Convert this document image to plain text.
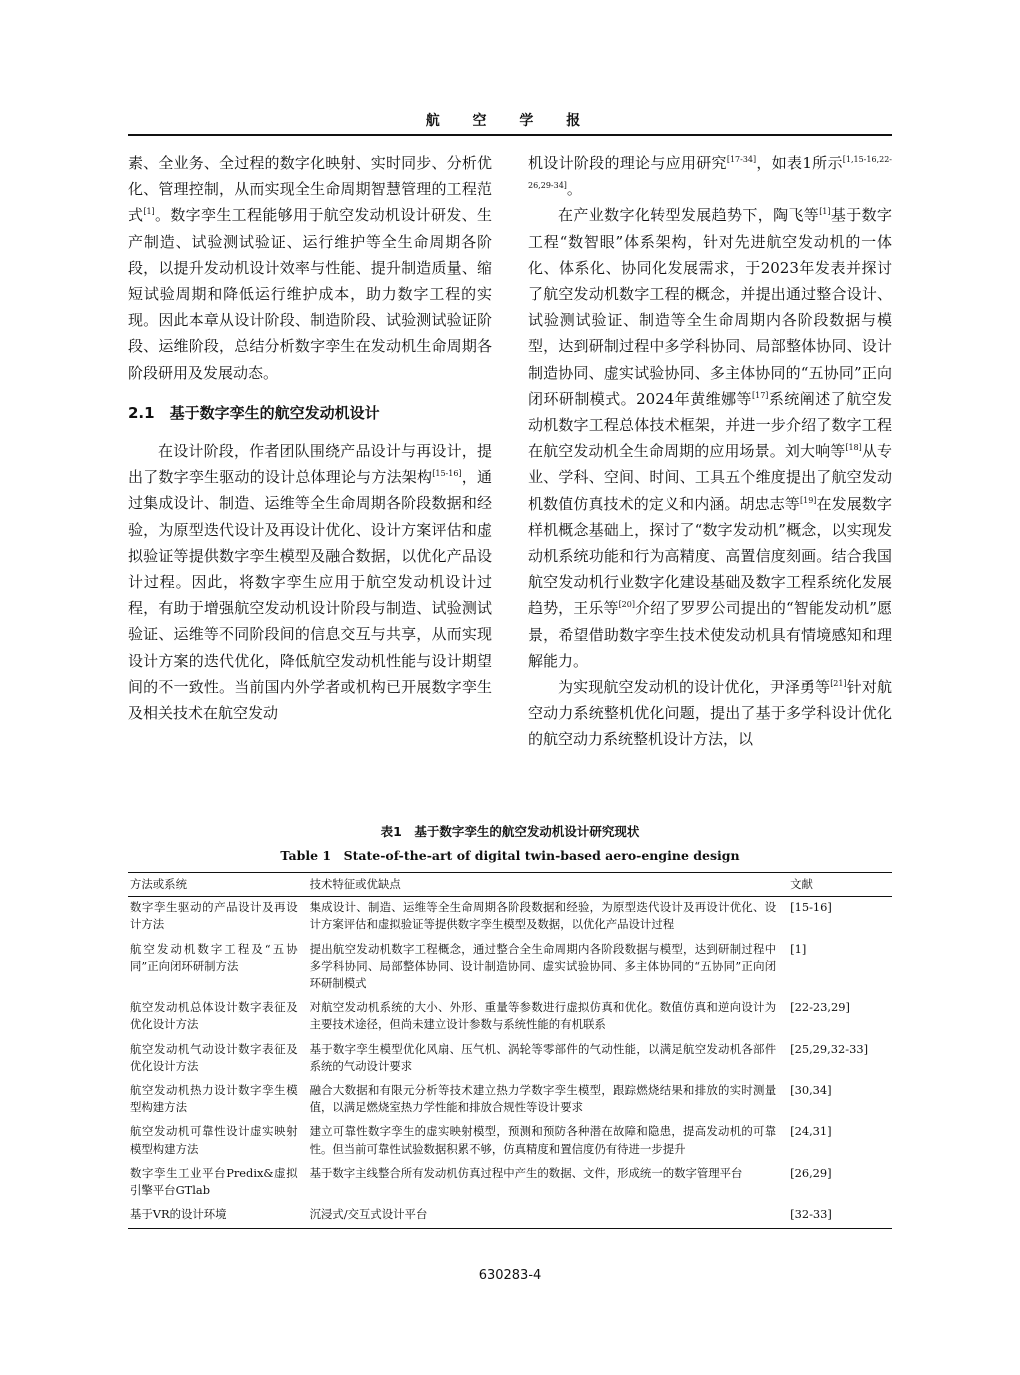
航 空 学 报

素、全业务、全过程的数字化映射、实时同步、分析优化、管理控制，从而实现全生命周期智慧管理的工程范式[1]。数字孪生工程能够用于航空发动机设计研发、生产制造、试验测试验证、运行维护等全生命周期各阶段，以提升发动机设计效率与性能、提升制造质量、缩短试验周期和降低运行维护成本，助力数字工程的实现。因此本章从设计阶段、制造阶段、试验测试验证阶段、运维阶段，总结分析数字孪生在发动机生命周期各阶段研用及发展动态。

2.1　基于数字孪生的航空发动机设计

在设计阶段，作者团队围绕产品设计与再设计，提出了数字孪生驱动的设计总体理论与方法架构[15-16]，通过集成设计、制造、运维等全生命周期各阶段数据和经验，为原型迭代设计及再设计优化、设计方案评估和虚拟验证等提供数字孪生模型及融合数据，以优化产品设计过程。因此，将数字孪生应用于航空发动机设计过程，有助于增强航空发动机设计阶段与制造、试验测试验证、运维等不同阶段间的信息交互与共享，从而实现设计方案的迭代优化，降低航空发动机性能与设计期望间的不一致性。当前国内外学者或机构已开展数字孪生及相关技术在航空发动

机设计阶段的理论与应用研究[17-34]，如表1所示[1,15-16,22-26,29-34]。

在产业数字化转型发展趋势下，陶飞等[1]基于数字工程“数智眼”体系架构，针对先进航空发动机的一体化、体系化、协同化发展需求，于2023年发表并探讨了航空发动机数字工程的概念，并提出通过整合设计、试验测试验证、制造等全生命周期内各阶段数据与模型，达到研制过程中多学科协同、局部整体协同、设计制造协同、虚实试验协同、多主体协同的“五协同”正向闭环研制模式。2024年黄维娜等[17]系统阐述了航空发动机数字工程总体技术框架，并进一步介绍了数字工程在航空发动机全生命周期的应用场景。刘大响等[18]从专业、学科、空间、时间、工具五个维度提出了航空发动机数值仿真技术的定义和内涵。胡忠志等[19]在发展数字样机概念基础上，探讨了“数字发动机”概念，以实现发动机系统功能和行为高精度、高置信度刻画。结合我国航空发动机行业数字化建设基础及数字工程系统化发展趋势，王乐等[20]介绍了罗罗公司提出的“智能发动机”愿景，希望借助数字孪生技术使发动机具有情境感知和理解能力。

为实现航空发动机的设计优化，尹泽勇等[21]针对航空动力系统整机优化问题，提出了基于多学科设计优化的航空动力系统整机设计方法，以

表1　基于数字孪生的航空发动机设计研究现状
Table 1　State-of-the-art of digital twin-based aero-engine design
方法或系统	技术特征或优缺点	文献
数字孪生驱动的产品设计及再设计方法	集成设计、制造、运维等全生命周期各阶段数据和经验，为原型迭代设计及再设计优化、设计方案评估和虚拟验证等提供数字孪生模型及数据，以优化产品设计过程	[15-16]
航空发动机数字工程及“五协同”正向闭环研制方法	提出航空发动机数字工程概念，通过整合全生命周期内各阶段数据与模型，达到研制过程中多学科协同、局部整体协同、设计制造协同、虚实试验协同、多主体协同的“五协同”正向闭环研制模式	[1]
航空发动机总体设计数字表征及优化设计方法	对航空发动机系统的大小、外形、重量等参数进行虚拟仿真和优化。数值仿真和逆向设计为主要技术途径，但尚未建立设计参数与系统性能的有机联系	[22-23,29]
航空发动机气动设计数字表征及优化设计方法	基于数字孪生模型优化风扇、压气机、涡轮等零部件的气动性能，以满足航空发动机各部件系统的气动设计要求	[25,29,32-33]
航空发动机热力设计数字孪生模型构建方法	融合大数据和有限元分析等技术建立热力学数字孪生模型，跟踪燃烧结果和排放的实时测量值，以满足燃烧室热力学性能和排放合规性等设计要求	[30,34]
航空发动机可靠性设计虚实映射模型构建方法	建立可靠性数字孪生的虚实映射模型，预测和预防各种潜在故障和隐患，提高发动机的可靠性。但当前可靠性试验数据积累不够，仿真精度和置信度仍有待进一步提升	[24,31]
数字孪生工业平台Predix&虚拟引擎平台GTlab	基于数字主线整合所有发动机仿真过程中产生的数据、文件，形成统一的数字管理平台	[26,29]
基于VR的设计环境	沉浸式/交互式设计平台	[32-33]
630283-4
